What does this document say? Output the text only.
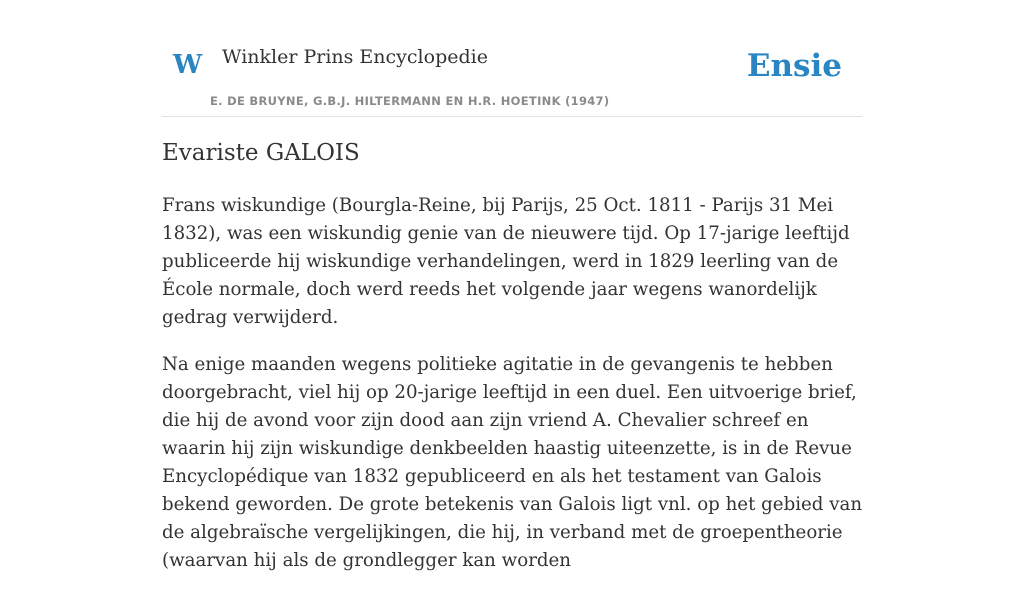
W Winkler Prins Encyclopedie
E. DE BRUYNE, G.B.J. HILTERMANN EN H.R. HOETINK (1947)
Ensie
Evariste GALOIS

Frans wiskundige (Bourgla-Reine, bij Parijs, 25 Oct. 1811 - Parijs 31 Mei 1832), was een wiskundig genie van de nieuwere tijd. Op 17-jarige leeftijd publiceerde hij wiskundige verhandelingen, werd in 1829 leerling van de École normale, doch werd reeds het volgende jaar wegens wanordelijk gedrag verwijderd.

Na enige maanden wegens politieke agitatie in de gevangenis te hebben doorgebracht, viel hij op 20-jarige leeftijd in een duel. Een uitvoerige brief, die hij de avond voor zijn dood aan zijn vriend A. Chevalier schreef en waarin hij zijn wiskundige denkbeelden haastig uiteenzette, is in de Revue Encyclopédique van 1832 gepubliceerd en als het testament van Galois bekend geworden. De grote betekenis van Galois ligt vnl. op het gebied van de algebraïsche vergelijkingen, die hij, in verband met de groepentheorie (waarvan hij als de grondlegger kan worden
